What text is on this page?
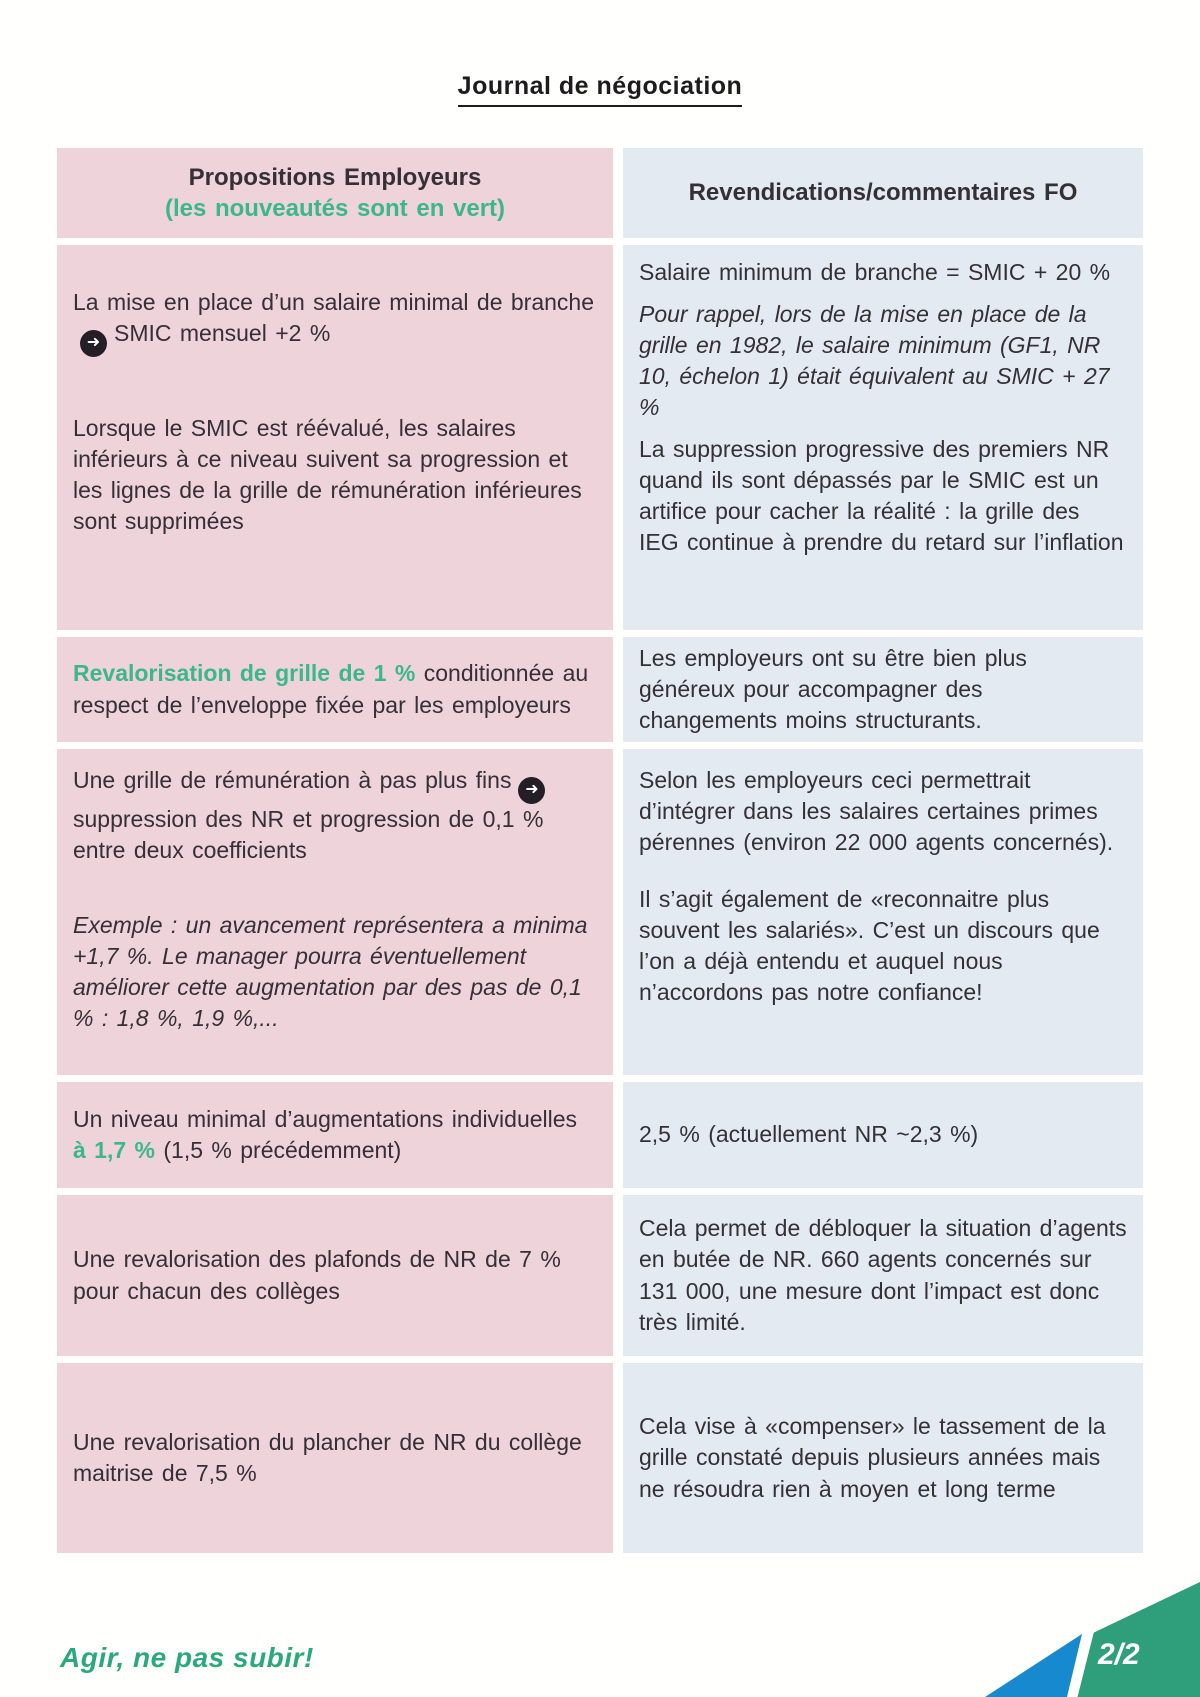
Journal de négociation
Propositions Employeurs
(les nouveautés sont en vert)
Revendications/commentaires FO

La mise en place d’un salaire minimal de branche➜ SMIC mensuel +2 %

Lorsque le SMIC est réévalué, les salaires inférieurs à ce niveau suivent sa progression et les lignes de la grille de rémunération inférieures sont supprimées

Salaire minimum de branche = SMIC + 20 %

Pour rappel, lors de la mise en place de la grille en 1982, le salaire minimum (GF1, NR 10, échelon 1) était équivalent au SMIC + 27 %

La suppression progressive des premiers NR quand ils sont dépassés par le SMIC est un artifice pour cacher la réalité : la grille des IEG continue à prendre du retard sur l’inflation

Revalorisation de grille de 1 % conditionnée au respect de l’enveloppe fixée par les employeurs

Les employeurs ont su être bien plus généreux pour accompagner des changements moins structurants.

Une grille de rémunération à pas plus fins ➜suppression des NR et progression de 0,1 % entre deux coefficients

Exemple : un avancement représentera a minima +1,7 %. Le manager pourra éventuellement améliorer cette augmentation par des pas de 0,1 % : 1,8 %, 1,9 %,...

Selon les employeurs ceci permettrait d’intégrer dans les salaires certaines primes pérennes (environ 22 000 agents concernés).

Il s’agit également de «reconnaitre plus souvent les salariés». C’est un discours que l’on a déjà entendu et auquel nous n’accordons pas notre confiance!

Un niveau minimal d’augmentations individuelles à 1,7 % (1,5 % précédemment)

2,5 % (actuellement NR ~2,3 %)

Une revalorisation des plafonds de NR de 7 % pour chacun des collèges

Cela permet de débloquer la situation d’agents en butée de NR. 660 agents concernés sur 131 000, une mesure dont l’impact est donc très limité.

Une revalorisation du plancher de NR du collège maitrise de 7,5 %

Cela vise à «compenser» le tassement de la grille constaté depuis plusieurs années mais ne résoudra rien à moyen et long terme

Agir, ne pas subir!	2/2
